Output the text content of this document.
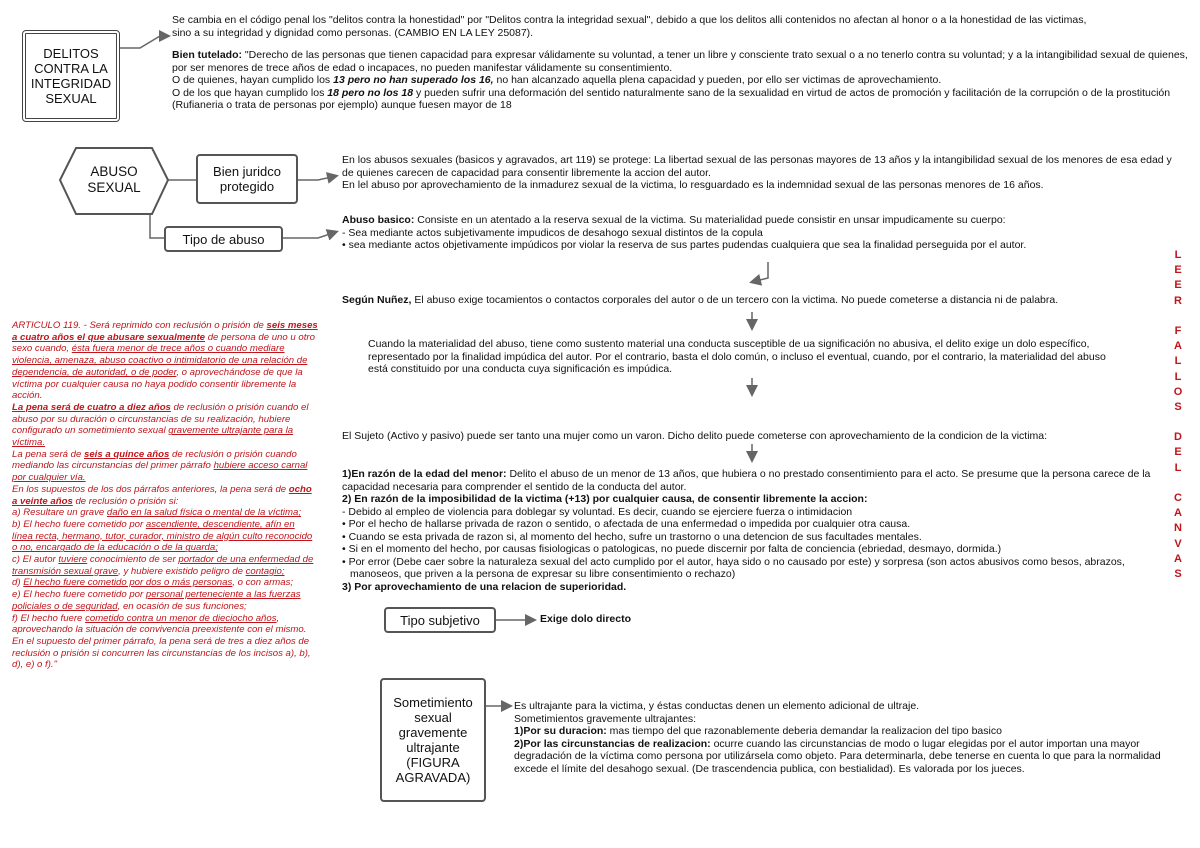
DELITOS CONTRA LA INTEGRIDAD SEXUAL
ABUSO SEXUAL
Bien juridco protegido
Tipo de abuso
Tipo subjetivo
Sometimiento sexual gravemente ultrajante (FIGURA AGRAVADA)

Se cambia en el código penal los "delitos contra la honestidad" por "Delitos contra la integridad sexual", debido a que los delitos alli contenidos no afectan al honor o a la honestidad de las victimas,

sino a su integridad y dignidad como personas. (CAMBIO EN LA LEY 25087).

Bien tutelado: "Derecho de las personas que tienen capacidad para expresar válidamente su voluntad, a tener un libre y consciente trato sexual o a no tenerlo contra su voluntad; y a la intangibilidad sexual de quienes, por ser menores de trece años de edad o incapaces, no pueden manifestar válidamente su consentimiento.

O de quienes, hayan cumplido los 13 pero no han superado los 16, no han alcanzado aquella plena capacidad y pueden, por ello ser victimas de aprovechamiento.

O de los que hayan cumplido los 18 pero no los 18 y pueden sufrir una deformación del sentido naturalmente sano de la sexualidad en virtud de actos de promoción y facilitación de la corrupción o de la prostitución (Rufianeria o trata de personas por ejemplo) aunque fuesen mayor de 18

En los abusos sexuales (basicos y agravados, art 119) se protege: La libertad sexual de las personas mayores de 13 años y la intangibilidad sexual de los menores de esa edad y de quienes carecen de capacidad para consentir libremente la accion del autor.

En lel abuso por aprovechamiento de la inmadurez sexual de la victima, lo resguardado es la indemnidad sexual de las personas menores de 16 años.

Abuso basico: Consiste en un atentado a la reserva sexual de la victima. Su materialidad puede consistir en unsar impudicamente su cuerpo:

- Sea mediante actos subjetivamente impudicos de desahogo sexual distintos de la copula

• sea mediante actos objetivamente impúdicos por violar la reserva de sus partes pudendas cualquiera que sea la finalidad perseguida por el autor.

Según Nuñez, El abuso exige tocamientos o contactos corporales del autor o de un tercero con la victima. No puede cometerse a distancia ni de palabra.

Cuando la materialidad del abuso, tiene como sustento material una conducta susceptible de ua significación no abusiva, el delito exige un dolo específico, representado por la finalidad impúdica del autor. Por el contrario, basta el dolo común, o incluso el eventual, cuando, por el contrario, la materialidad del abuso está constituido por una conducta cuya significación es impúdica.

El Sujeto (Activo y pasivo) puede ser tanto una mujer como un varon. Dicho delito puede cometerse con aprovechamiento de la condicion de la victima:

1)En razón de la edad del menor: Delito el abuso de un menor de 13 años, que hubiera o no prestado consentimiento para el acto. Se presume que la persona carece de la capacidad necesaria para comprender el sentido de la conducta del autor.

2) En razón de la imposibilidad de la victima (+13) por cualquier causa, de consentir libremente la accion:

- Debido al empleo de violencia para doblegar sy voluntad. Es decir, cuando se ejerciere fuerza o intimidacion

• Por el hecho de hallarse privada de razon o sentido, o afectada de una enfermedad o impedida por cualquier otra causa.

• Cuando se esta privada de razon si, al momento del hecho, sufre un trastorno o una detencion de sus facultades mentales.

• Si en el momento del hecho, por causas fisiologicas o patologicas, no puede discernir por falta de conciencia (ebriedad, desmayo, dormida.)

• Por error (Debe caer sobre la naturaleza sexual del acto cumplido por el autor, haya sido o no causado por este) y sorpresa (son actos abusivos como besos, abrazos, manoseos, que priven a la persona de expresar su libre consentimiento o rechazo)

3) Por aprovechamiento de una relacion de superioridad.

Exige dolo directo

Es ultrajante para la victima, y éstas conductas denen un elemento adicional de ultraje.

Sometimientos gravemente ultrajantes:

1)Por su duracion: mas tiempo del que razonablemente deberia demandar la realizacion del tipo basico

2)Por las circunstancias de realizacion: ocurre cuando las circunstancias de modo o lugar elegidas por el autor importan una mayor degradación de la víctima como persona por utilizársela como objeto. Para determinarla, debe tenerse en cuenta lo que para la normalidad excede el límite del desahogo sexual. (De trascendencia publica, con bestialidad). Es valorada por los jueces.

ARTICULO 119. - Será reprimido con reclusión o prisión de seis meses a cuatro años el que abusare sexualmente de persona de uno u otro sexo cuando, ésta fuera menor de trece años o cuando mediare violencia, amenaza, abuso coactivo o intimidatorio de una relación de dependencia, de autoridad, o de poder, o aprovechándose de que la víctima por cualquier causa no haya podido consentir libremente la acción.

La pena será de cuatro a diez años de reclusión o prisión cuando el abuso por su duración o circunstancias de su realización, hubiere configurado un sometimiento sexual gravemente ultrajante para la víctima.

La pena será de seis a quince años de reclusión o prisión cuando mediando las circunstancias del primer párrafo hubiere acceso carnal por cualquier vía.

En los supuestos de los dos párrafos anteriores, la pena será de ocho a veinte años de reclusión o prisión si:

a) Resultare un grave daño en la salud física o mental de la víctima;

b) El hecho fuere cometido por ascendiente, descendiente, afín en línea recta, hermano, tutor, curador, ministro de algún culto reconocido o no, encargado de la educación o de la guarda;

c) El autor tuviere conocimiento de ser portador de una enfermedad de transmisión sexual grave, y hubiere existido peligro de contagio;

d) El hecho fuere cometido por dos o más personas, o con armas;

e) El hecho fuere cometido por personal perteneciente a las fuerzas policiales o de seguridad, en ocasión de sus funciones;

f) El hecho fuere cometido contra un menor de dieciocho años, aprovechando la situación de convivencia preexistente con el mismo.

En el supuesto del primer párrafo, la pena será de tres a diez años de reclusión o prisión si concurren las circunstancias de los incisos a), b), d), e) o f)."

L
E
E
R
F
A
L
L
O
S
D
E
L
C
A
N
V
A
S
